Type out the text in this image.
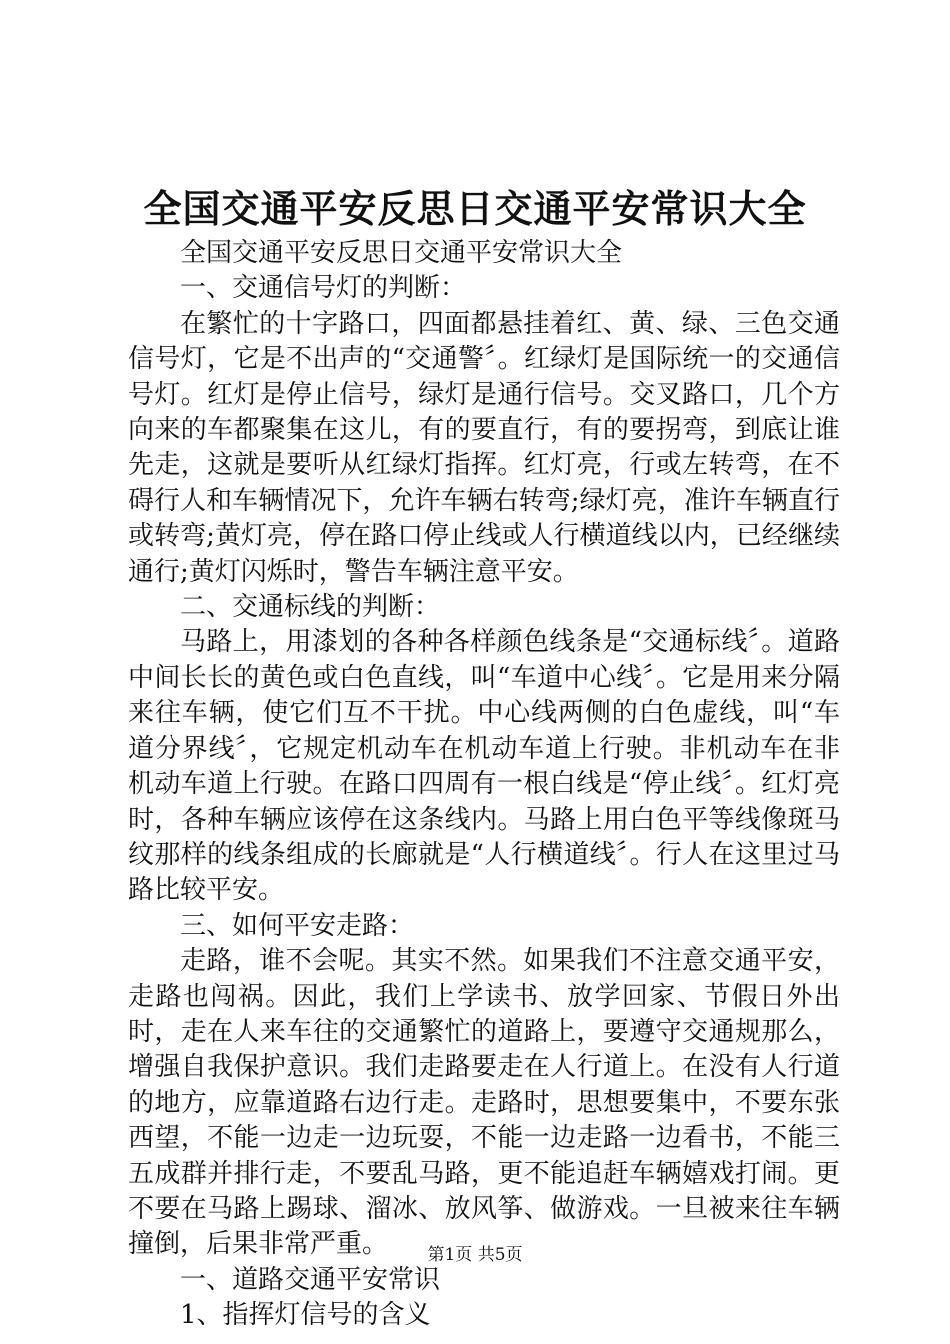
全国交通平安反思日交通平安常识大全

全国交通平安反思日交通平安常识大全

一、交通信号灯的判断：

在繁忙的十字路口，四面都悬挂着红、黄、绿、三色交通信号灯，它是不出声的“交通警〞。红绿灯是国际统一的交通信号灯。红灯是停止信号，绿灯是通行信号。交叉路口，几个方向来的车都聚集在这儿，有的要直行，有的要拐弯，到底让谁先走，这就是要听从红绿灯指挥。红灯亮，行或左转弯，在不碍行人和车辆情况下，允许车辆右转弯;绿灯亮，准许车辆直行或转弯;黄灯亮，停在路口停止线或人行横道线以内，已经继续通行;黄灯闪烁时，警告车辆注意平安。

二、交通标线的判断：

马路上，用漆划的各种各样颜色线条是“交通标线〞。道路中间长长的黄色或白色直线，叫“车道中心线〞。它是用来分隔来往车辆，使它们互不干扰。中心线两侧的白色虚线，叫“车道分界线〞，它规定机动车在机动车道上行驶。非机动车在非机动车道上行驶。在路口四周有一根白线是“停止线〞。红灯亮时，各种车辆应该停在这条线内。马路上用白色平等线像斑马纹那样的线条组成的长廊就是“人行横道线〞。行人在这里过马路比较平安。

三、如何平安走路：

走路，谁不会呢。其实不然。如果我们不注意交通平安，走路也闯祸。因此，我们上学读书、放学回家、节假日外出时，走在人来车往的交通繁忙的道路上，要遵守交通规那么，增强自我保护意识。我们走路要走在人行道上。在没有人行道的地方，应靠道路右边行走。走路时，思想要集中，不要东张西望，不能一边走一边玩耍，不能一边走路一边看书，不能三五成群并排行走，不要乱马路，更不能追赶车辆嬉戏打闹。更不要在马路上踢球、溜冰、放风筝、做游戏。一旦被来往车辆撞倒，后果非常严重。

一、道路交通平安常识

1、指挥灯信号的含义

第1页 共5页
